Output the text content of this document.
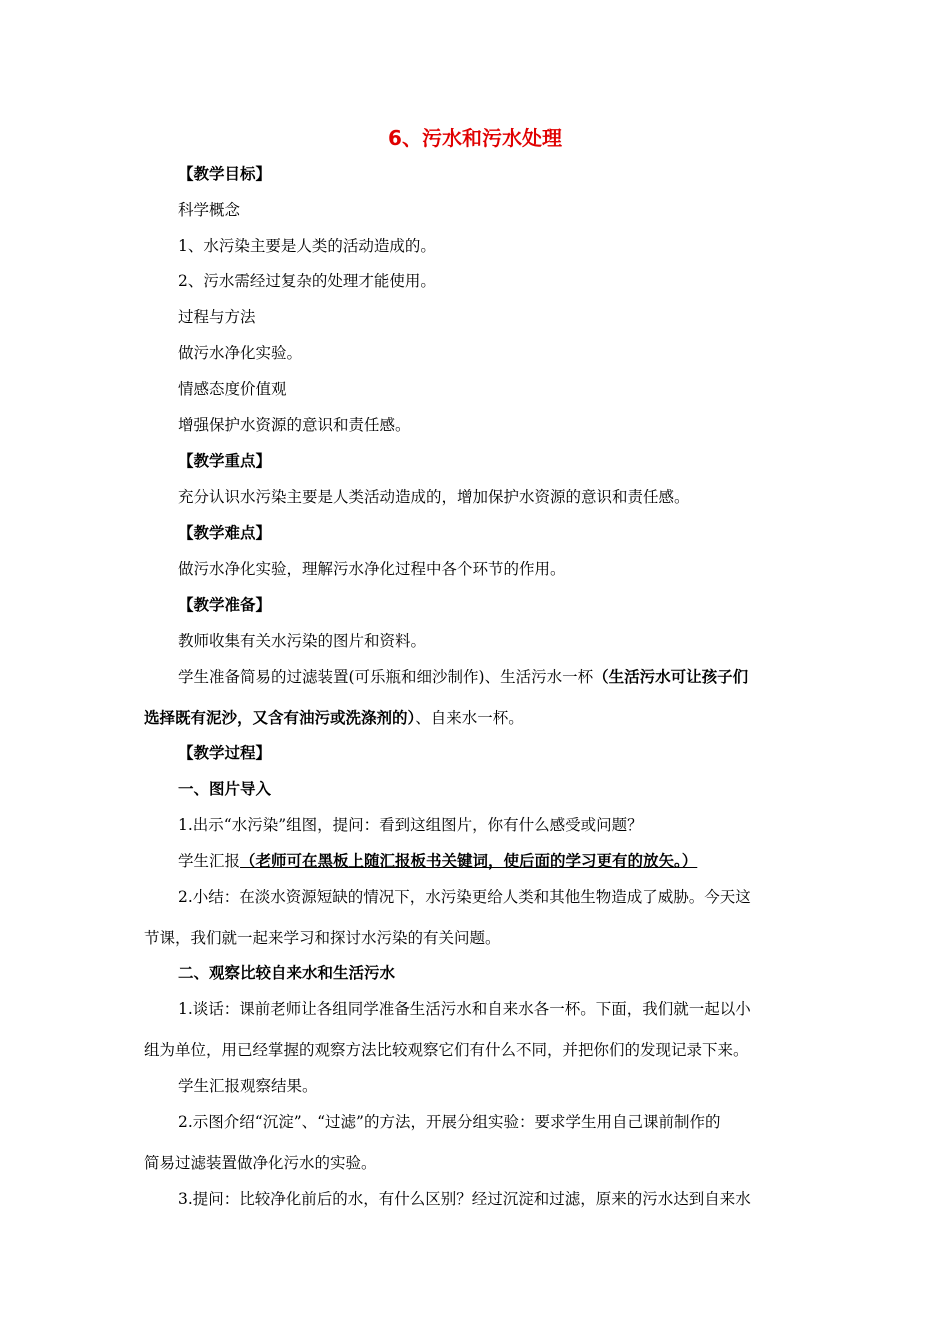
6、污水和污水处理
【教学目标】
科学概念
1、水污染主要是人类的活动造成的。
2、污水需经过复杂的处理才能使用。
过程与方法
做污水净化实验。
情感态度价值观
增强保护水资源的意识和责任感。
【教学重点】
充分认识水污染主要是人类活动造成的，增加保护水资源的意识和责任感。
【教学难点】
做污水净化实验，理解污水净化过程中各个环节的作用。
【教学准备】
教师收集有关水污染的图片和资料。
学生准备简易的过滤装置(可乐瓶和细沙制作)、生活污水一杯（生活污水可让孩子们
选择既有泥沙，又含有油污或洗涤剂的）、自来水一杯。
【教学过程】
一、图片导入
1.出示“水污染”组图，提问：看到这组图片，你有什么感受或问题？
学生汇报（老师可在黑板上随汇报板书关键词，使后面的学习更有的放矢。）
2.小结：在淡水资源短缺的情况下，水污染更给人类和其他生物造成了威胁。今天这
节课，我们就一起来学习和探讨水污染的有关问题。
二、观察比较自来水和生活污水
1.谈话：课前老师让各组同学准备生活污水和自来水各一杯。下面，我们就一起以小
组为单位，用已经掌握的观察方法比较观察它们有什么不同，并把你们的发现记录下来。
学生汇报观察结果。
2.示图介绍“沉淀”、“过滤”的方法，开展分组实验：要求学生用自己课前制作的
简易过滤装置做净化污水的实验。
3.提问：比较净化前后的水，有什么区别？经过沉淀和过滤，原来的污水达到自来水
